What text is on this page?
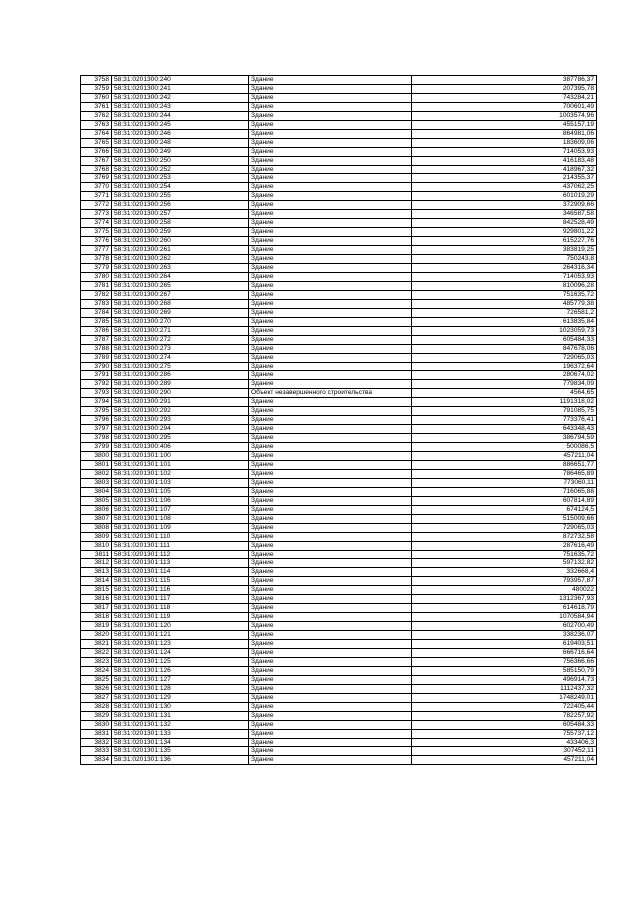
3758	58:31:0201300:240	Здание	387786,37
3759	58:31:0201300:241	Здание	207395,78
3760	58:31:0201300:242	Здание	743284,21
3761	58:31:0201300:243	Здание	700601,49
3762	58:31:0201300:244	Здание	1003574,96
3763	58:31:0201300:245	Здание	455157,19
3764	58:31:0201300:246	Здание	864981,06
3765	58:31:0201300:248	Здание	183609,06
3766	58:31:0201300:249	Здание	714053,93
3767	58:31:0201300:250	Здание	416183,48
3768	58:31:0201300:252	Здание	418967,32
3769	58:31:0201300:253	Здание	214355,37
3770	58:31:0201300:254	Здание	437062,25
3771	58:31:0201300:255	Здание	601019,29
3772	58:31:0201300:256	Здание	372909,66
3773	58:31:0201300:257	Здание	346587,58
3774	58:31:0201300:258	Здание	842528,49
3775	58:31:0201300:259	Здание	929801,22
3776	58:31:0201300:260	Здание	615227,76
3777	58:31:0201300:261	Здание	383819,25
3778	58:31:0201300:262	Здание	750243,8
3779	58:31:0201300:263	Здание	264316,34
3780	58:31:0201300:264	Здание	714053,93
3781	58:31:0201300:265	Здание	810096,28
3782	58:31:0201300:267	Здание	751635,72
3783	58:31:0201300:268	Здание	485779,38
3784	58:31:0201300:269	Здание	726581,2
3785	58:31:0201300:270	Здание	613835,84
3786	58:31:0201300:271	Здание	1023059,73
3787	58:31:0201300:272	Здание	605484,33
3788	58:31:0201300:273	Здание	847678,06
3789	58:31:0201300:274	Здание	729065,03
3790	58:31:0201300:275	Здание	196372,64
3791	58:31:0201300:286	Здание	280674,02
3792	58:31:0201300:289	Здание	779834,09
3793	58:31:0201300:290	Объект незавершенного строительства	4564,65
3794	58:31:0201300:291	Здание	1191318,02
3795	58:31:0201300:292	Здание	791085,75
3796	58:31:0201300:293	Здание	773376,41
3797	58:31:0201300:294	Здание	643348,43
3798	58:31:0201300:295	Здание	386794,59
3799	58:31:0201300:406	Здание	500086,5
3800	58:31:0201301:100	Здание	457211,04
3801	58:31:0201301:101	Здание	886651,77
3802	58:31:0201301:102	Здание	786465,89
3803	58:31:0201301:103	Здание	773060,11
3804	58:31:0201301:105	Здание	716065,88
3805	58:31:0201301:106	Здание	607814,89
3806	58:31:0201301:107	Здание	674124,5
3807	58:31:0201301:108	Здание	515009,66
3808	58:31:0201301:109	Здание	729065,03
3809	58:31:0201301:110	Здание	872732,58
3810	58:31:0201301:111	Здание	287616,49
3811	58:31:0201301:112	Здание	751635,72
3812	58:31:0201301:113	Здание	597132,82
3813	58:31:0201301:114	Здание	332668,4
3814	58:31:0201301:115	Здание	793957,87
3815	58:31:0201301:116	Здание	480022
3816	58:31:0201301:117	Здание	1312367,93
3817	58:31:0201301:118	Здание	614618,79
3818	58:31:0201301:119	Здание	1070584,94
3819	58:31:0201301:120	Здание	602700,49
3820	58:31:0201301:121	Здание	338236,07
3821	58:31:0201301:123	Здание	619403,51
3822	58:31:0201301:124	Здание	666716,64
3823	58:31:0201301:125	Здание	756366,66
3824	58:31:0201301:126	Здание	585150,79
3825	58:31:0201301:127	Здание	496914,73
3826	58:31:0201301:128	Здание	1112437,32
3827	58:31:0201301:129	Здание	1748249,01
3828	58:31:0201301:130	Здание	722405,44
3829	58:31:0201301:131	Здание	782257,92
3830	58:31:0201301:132	Здание	605484,33
3831	58:31:0201301:133	Здание	755737,12
3832	58:31:0201301:134	Здание	433406,3
3833	58:31:0201301:135	Здание	307452,11
3834	58:31:0201301:136	Здание	457211,04
